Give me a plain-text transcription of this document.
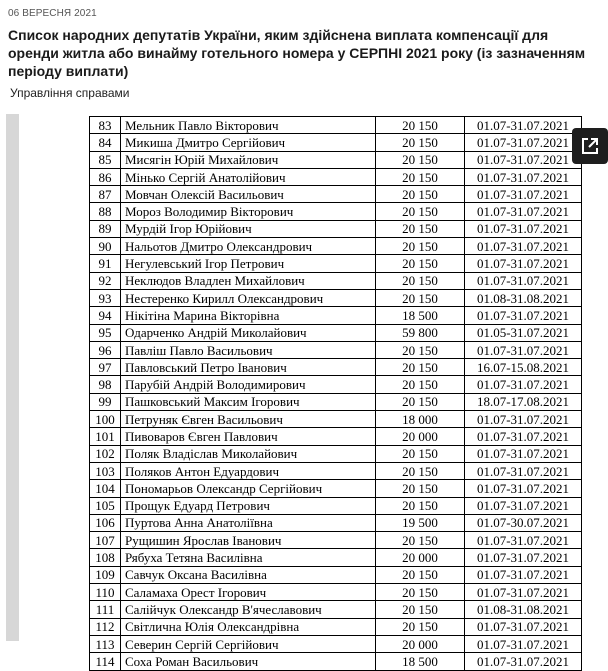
06 ВЕРЕСНЯ 2021
Список народних депутатів України, яким здійснена виплата компенсації для оренди житла або винайму готельного номера у СЕРПНІ 2021 року (із зазначенням періоду виплати)
Управління справами
83	Мельник Павло Вікторович	20 150	01.07-31.07.2021
84	Микиша Дмитро Сергійович	20 150	01.07-31.07.2021
85	Мисягін Юрій Михайлович	20 150	01.07-31.07.2021
86	Мінько Сергій Анатолійович	20 150	01.07-31.07.2021
87	Мовчан Олексій Васильович	20 150	01.07-31.07.2021
88	Мороз Володимир Вікторович	20 150	01.07-31.07.2021
89	Мурдій Ігор Юрійович	20 150	01.07-31.07.2021
90	Нальотов Дмитро Олександрович	20 150	01.07-31.07.2021
91	Негулевський Ігор Петрович	20 150	01.07-31.07.2021
92	Неклюдов Владлен Михайлович	20 150	01.07-31.07.2021
93	Нестеренко Кирилл Олександрович	20 150	01.08-31.08.2021
94	Нікітіна Марина Вікторівна	18 500	01.07-31.07.2021
95	Одарченко Андрій Миколайович	59 800	01.05-31.07.2021
96	Павліш Павло Васильович	20 150	01.07-31.07.2021
97	Павловський Петро Іванович	20 150	16.07-15.08.2021
98	Парубій Андрій Володимирович	20 150	01.07-31.07.2021
99	Пашковський Максим Ігорович	20 150	18.07-17.08.2021
100	Петруняк Євген Васильович	18 000	01.07-31.07.2021
101	Пивоваров Євген Павлович	20 000	01.07-31.07.2021
102	Поляк Владіслав Миколайович	20 150	01.07-31.07.2021
103	Поляков Антон Едуардович	20 150	01.07-31.07.2021
104	Пономарьов Олександр Сергійович	20 150	01.07-31.07.2021
105	Прощук Едуард Петрович	20 150	01.07-31.07.2021
106	Пуртова Анна Анатоліївна	19 500	01.07-30.07.2021
107	Рущишин Ярослав Іванович	20 150	01.07-31.07.2021
108	Рябуха Тетяна Василівна	20 000	01.07-31.07.2021
109	Савчук Оксана Василівна	20 150	01.07-31.07.2021
110	Саламаха Орест Ігорович	20 150	01.07-31.07.2021
111	Салійчук Олександр В'ячеславович	20 150	01.08-31.08.2021
112	Світлична Юлія Олександрівна	20 150	01.07-31.07.2021
113	Северин Сергій Сергійович	20 000	01.07-31.07.2021
114	Соха Роман Васильович	18 500	01.07-31.07.2021
